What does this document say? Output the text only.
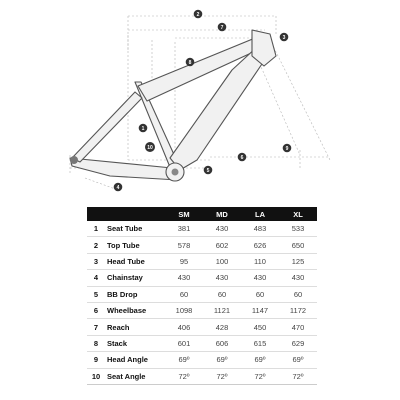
2
7
3
8
1
10	9
6
5
4
		SM	MD	LA	XL
1	Seat Tube	381	430	483	533
2	Top Tube	578	602	626	650
3	Head Tube	95	100	110	125
4	Chainstay	430	430	430	430
5	BB Drop	60	60	60	60
6	Wheelbase	1098	1121	1147	1172
7	Reach	406	428	450	470
8	Stack	601	606	615	629
9	Head Angle	69º	69º	69º	69º
10	Seat Angle	72º	72º	72º	72º
